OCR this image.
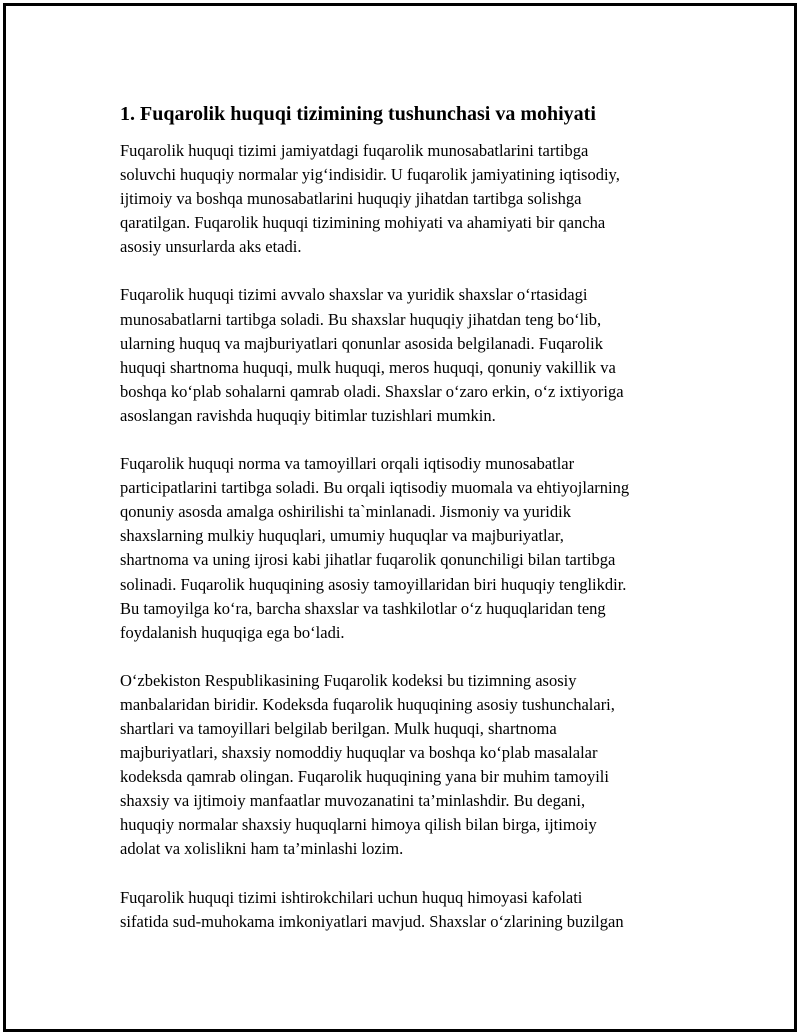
1. Fuqarolik huquqi tizimining tushunchasi va mohiyati

Fuqarolik huquqi tizimi jamiyatdagi fuqarolik munosabatlarini tartibga
soluvchi huquqiy normalar yig‘indisidir. U fuqarolik jamiyatining iqtisodiy,
ijtimoiy va boshqa munosabatlarini huquqiy jihatdan tartibga solishga
qaratilgan. Fuqarolik huquqi tizimining mohiyati va ahamiyati bir qancha
asosiy unsurlarda aks etadi.

Fuqarolik huquqi tizimi avvalo shaxslar va yuridik shaxslar o‘rtasidagi
munosabatlarni tartibga soladi. Bu shaxslar huquqiy jihatdan teng bo‘lib,
ularning huquq va majburiyatlari qonunlar asosida belgilanadi. Fuqarolik
huquqi shartnoma huquqi, mulk huquqi, meros huquqi, qonuniy vakillik va
boshqa ko‘plab sohalarni qamrab oladi. Shaxslar o‘zaro erkin, o‘z ixtiyoriga
asoslangan ravishda huquqiy bitimlar tuzishlari mumkin.

Fuqarolik huquqi norma va tamoyillari orqali iqtisodiy munosabatlar
participatlarini tartibga soladi. Bu orqali iqtisodiy muomala va ehtiyojlarning
qonuniy asosda amalga oshirilishi ta`minlanadi. Jismoniy va yuridik
shaxslarning mulkiy huquqlari, umumiy huquqlar va majburiyatlar,
shartnoma va uning ijrosi kabi jihatlar fuqarolik qonunchiligi bilan tartibga
solinadi. Fuqarolik huquqining asosiy tamoyillaridan biri huquqiy tenglikdir.
Bu tamoyilga ko‘ra, barcha shaxslar va tashkilotlar o‘z huquqlaridan teng
foydalanish huquqiga ega bo‘ladi.

O‘zbekiston Respublikasining Fuqarolik kodeksi bu tizimning asosiy
manbalaridan biridir. Kodeksda fuqarolik huquqining asosiy tushunchalari,
shartlari va tamoyillari belgilab berilgan. Mulk huquqi, shartnoma
majburiyatlari, shaxsiy nomoddiy huquqlar va boshqa ko‘plab masalalar
kodeksda qamrab olingan. Fuqarolik huquqining yana bir muhim tamoyili
shaxsiy va ijtimoiy manfaatlar muvozanatini ta’minlashdir. Bu degani,
huquqiy normalar shaxsiy huquqlarni himoya qilish bilan birga, ijtimoiy
adolat va xolislikni ham ta’minlashi lozim.

Fuqarolik huquqi tizimi ishtirokchilari uchun huquq himoyasi kafolati
sifatida sud-muhokama imkoniyatlari mavjud. Shaxslar o‘zlarining buzilgan
